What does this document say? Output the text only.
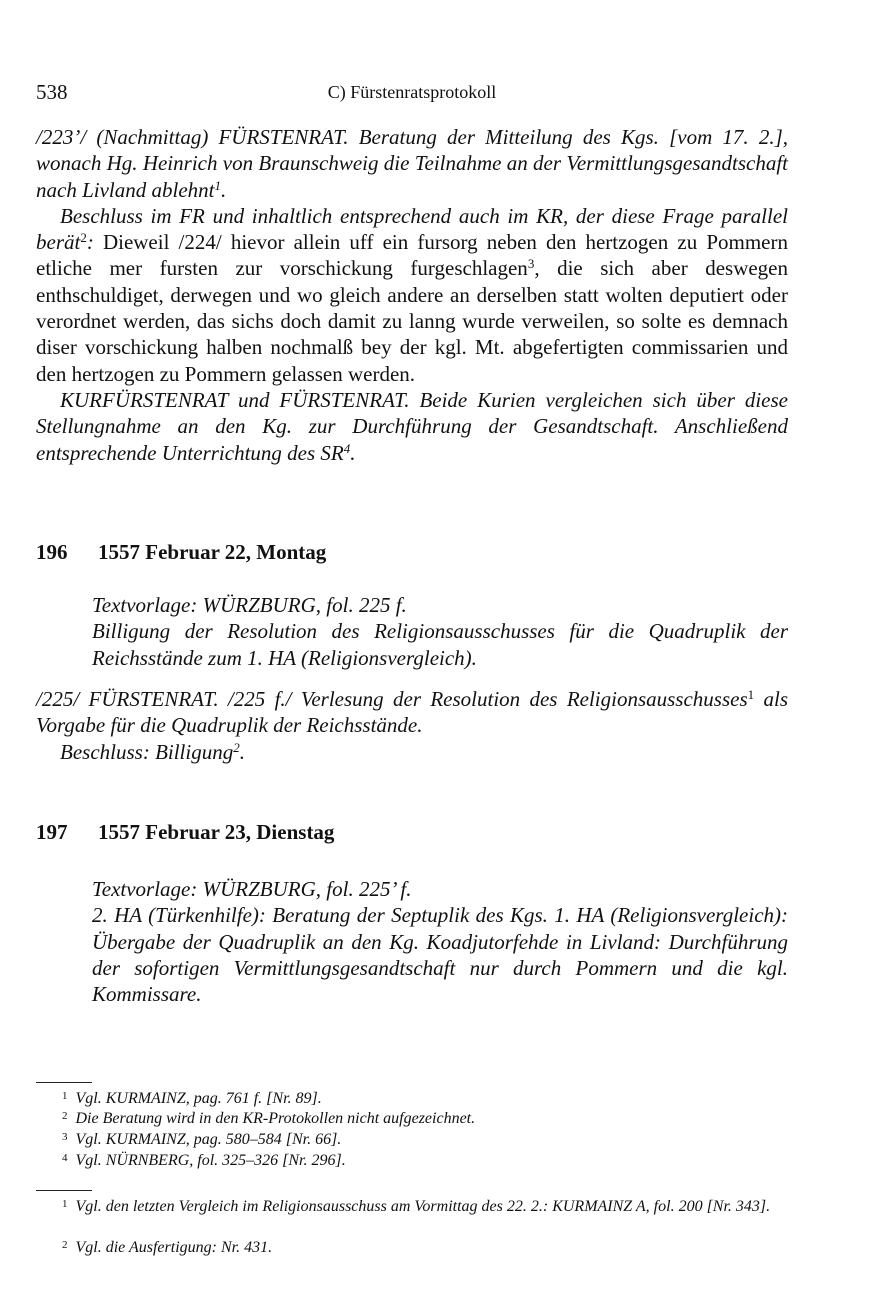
538	C) Fürstenratsprotokoll

/223’/ (Nachmittag) FÜRSTENRAT. Beratung der Mitteilung des Kgs. [vom 17. 2.], wonach Hg. Heinrich von Braunschweig die Teilnahme an der Vermittlungsgesandtschaft nach Livland ablehnt$^1$.

Beschluss im FR und inhaltlich entsprechend auch im KR, der diese Frage parallel berät$^2$: Dieweil /224/ hievor allein uff ein fursorg neben den hertzogen zu Pommern etliche mer fursten zur vorschickung furgeschlagen$^3$, die sich aber deswegen enthschuldiget, derwegen und wo gleich andere an derselben statt wolten deputiert oder verordnet werden, das sichs doch damit zu lanng wurde verweilen, so solte es demnach diser vorschickung halben nochmalß bey der kgl. Mt. abgefertigten commissarien und den hertzogen zu Pommern gelassen werden.

KURFÜRSTENRAT und FÜRSTENRAT. Beide Kurien vergleichen sich über diese Stellungnahme an den Kg. zur Durchführung der Gesandtschaft. Anschließend entsprechende Unterrichtung des $SR^4$.

196 1557 Februar 22, Montag
Textvorlage: WÜRZBURG, fol. 225 f.
Billigung der Resolution des Religionsausschusses für die Quadruplik der Reichsstände zum 1. HA (Religionsvergleich).

/225/ FÜRSTENRAT. /225 f./ Verlesung der Resolution des Religionsausschusses$^1$ als Vorgabe für die Quadruplik der Reichsstände.

Beschluss: Billigung$^2$.

197 1557 Februar 23, Dienstag
Textvorlage: WÜRZBURG, fol. 225’ f.
2. HA (Türkenhilfe): Beratung der Septuplik des Kgs. 1. HA (Religionsvergleich): Übergabe der Quadruplik an den Kg. Koadjutorfehde in Livland: Durchführung der sofortigen Vermittlungsgesandtschaft nur durch Pommern und die kgl. Kommissare.
$^1$ Vgl. KURMAINZ, pag. 761 f. [Nr. 89].
$^2$ Die Beratung wird in den KR-Protokollen nicht aufgezeichnet.
$^3$ Vgl. KURMAINZ, pag. 580–584 [Nr. 66].
$^4$ Vgl. NÜRNBERG, fol. 325–326 [Nr. 296].
$^1$ Vgl. den letzten Vergleich im Religionsausschuss am Vormittag des 22. 2.: KURMAINZ A, fol. 200 [Nr. 343].
$^2$ Vgl. die Ausfertigung: Nr. 431.
